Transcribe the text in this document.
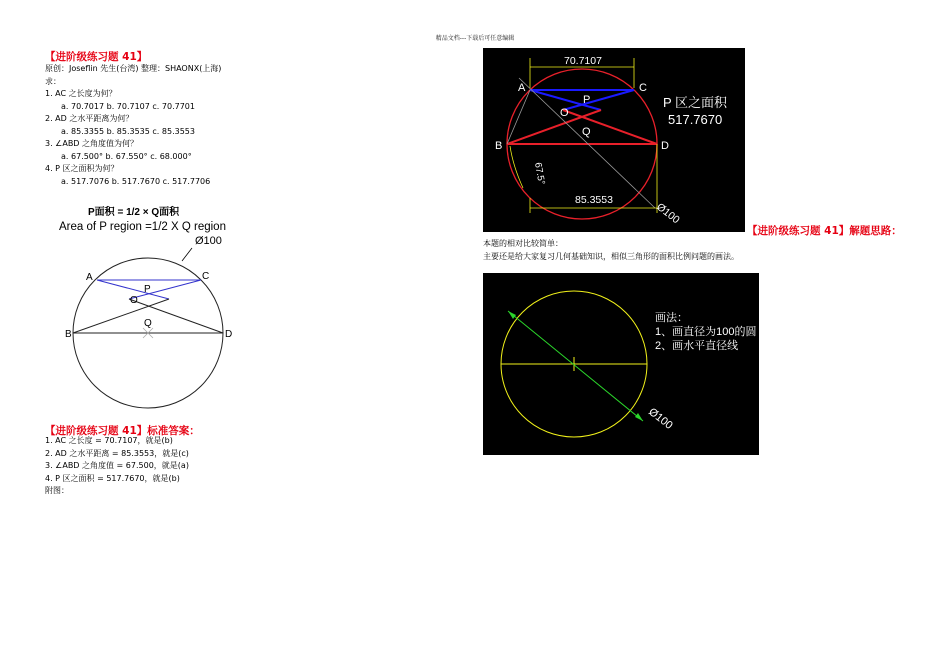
精品文档---下载后可任意编辑
【进阶级练习题 41】
原创：Joseflin 先生(台湾) 整理：SHAONX(上海)
求：
1. AC 之长度为何？
a. 70.7017 b. 70.7107 c. 70.7701
2. AD 之水平距离为何？
a. 85.3355 b. 85.3535 c. 85.3553
3. ∠ABD 之角度值为何？
a. 67.500° b. 67.550° c. 68.000°
4. P 区之面积为何？
a. 517.7076 b. 517.7670 c. 517.7706
P面积 = 1/2 × Q面积
Area of P region =1/2 X Q region
Ø100
A	C
P
O
Q
B	D
【进阶级练习题 41】标准答案：
1. AC 之长度 = 70.7107，就是(b)
2. AD 之水平距离 = 85.3553，就是(c)
3. ∠ABD 之角度值 = 67.500，就是(a)
4. P 区之面积 = 517.7670，就是(b)
附图：
70.7107
85.3553
67.5°
Ø100
A	C
P
O
Q
B	D
P 区之面积
517.7670
【进阶级练习题 41】解题思路：
本题的相对比较简单：
主要还是给大家复习几何基础知识，相似三角形的面积比例问题的画法。
Ø100
画法：
1、画直径为100的圆
2、画水平直径线
